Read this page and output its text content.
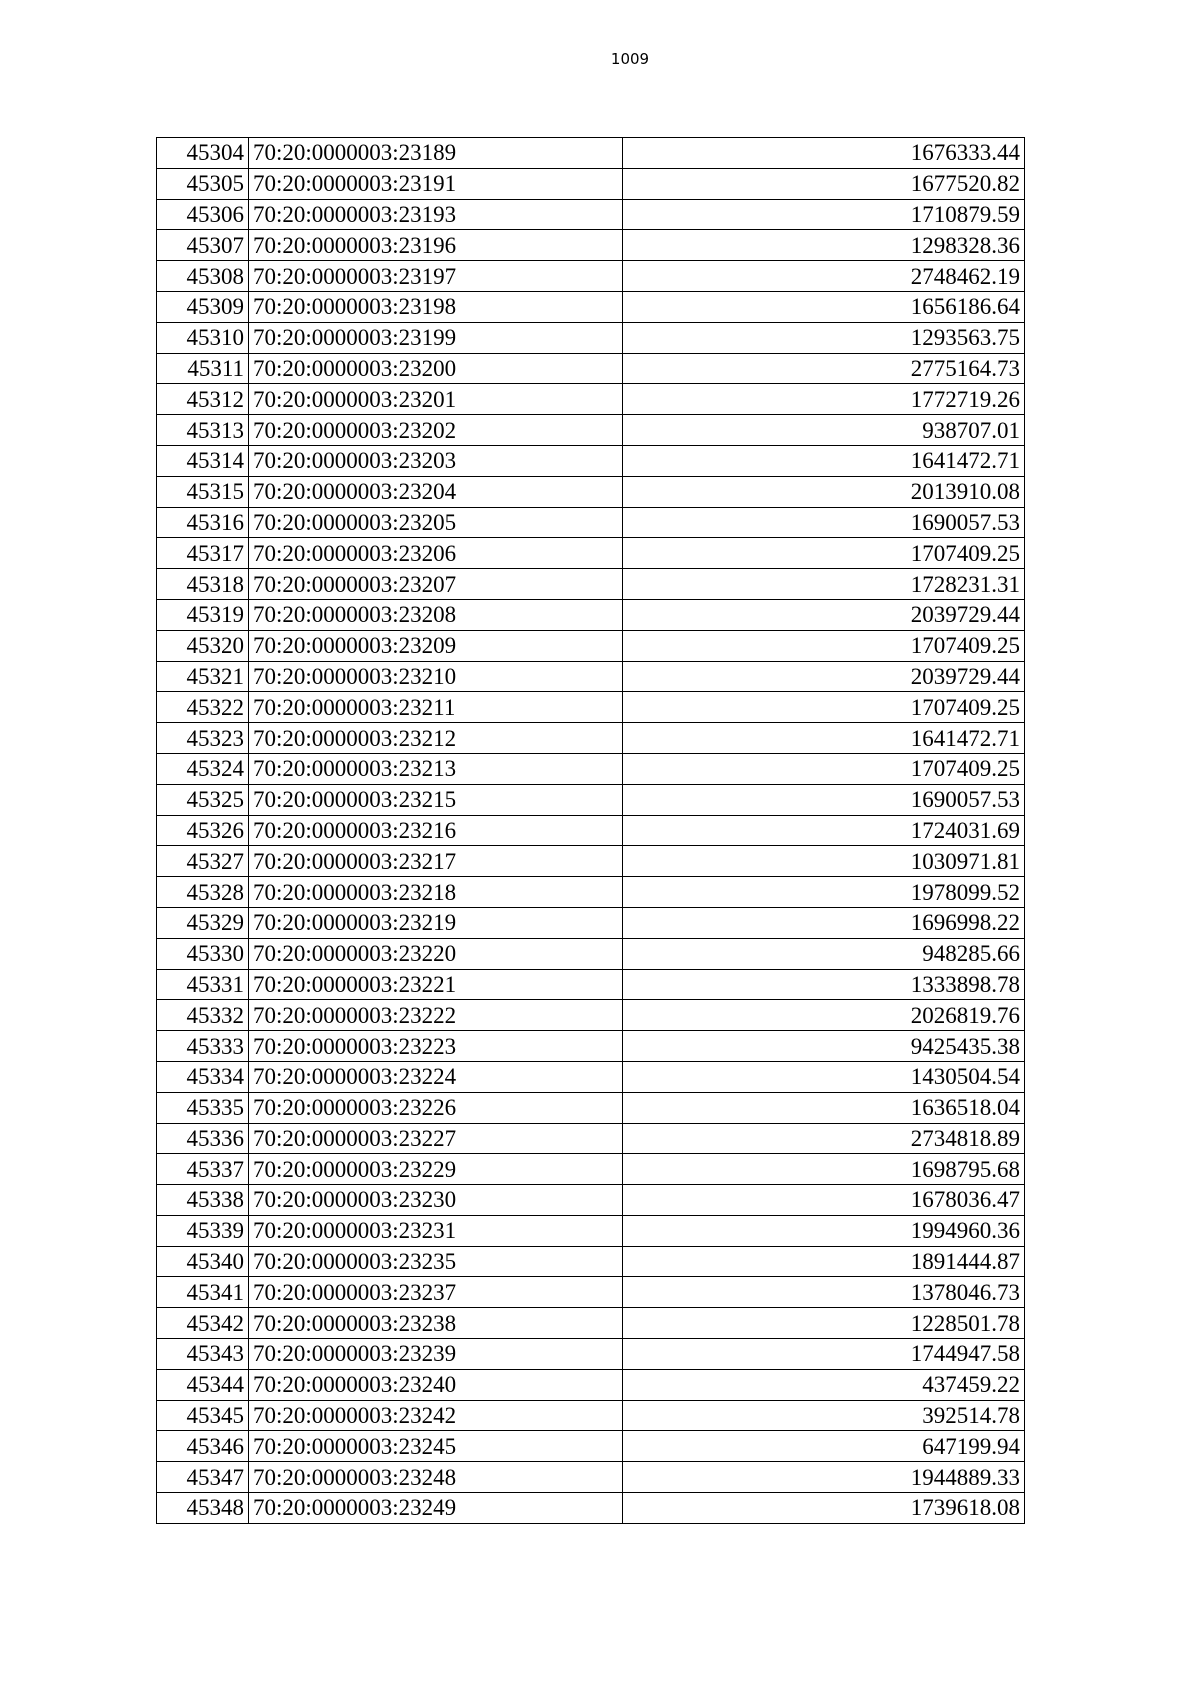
1009
45304	70:20:0000003:23189	1676333.44
45305	70:20:0000003:23191	1677520.82
45306	70:20:0000003:23193	1710879.59
45307	70:20:0000003:23196	1298328.36
45308	70:20:0000003:23197	2748462.19
45309	70:20:0000003:23198	1656186.64
45310	70:20:0000003:23199	1293563.75
45311	70:20:0000003:23200	2775164.73
45312	70:20:0000003:23201	1772719.26
45313	70:20:0000003:23202	938707.01
45314	70:20:0000003:23203	1641472.71
45315	70:20:0000003:23204	2013910.08
45316	70:20:0000003:23205	1690057.53
45317	70:20:0000003:23206	1707409.25
45318	70:20:0000003:23207	1728231.31
45319	70:20:0000003:23208	2039729.44
45320	70:20:0000003:23209	1707409.25
45321	70:20:0000003:23210	2039729.44
45322	70:20:0000003:23211	1707409.25
45323	70:20:0000003:23212	1641472.71
45324	70:20:0000003:23213	1707409.25
45325	70:20:0000003:23215	1690057.53
45326	70:20:0000003:23216	1724031.69
45327	70:20:0000003:23217	1030971.81
45328	70:20:0000003:23218	1978099.52
45329	70:20:0000003:23219	1696998.22
45330	70:20:0000003:23220	948285.66
45331	70:20:0000003:23221	1333898.78
45332	70:20:0000003:23222	2026819.76
45333	70:20:0000003:23223	9425435.38
45334	70:20:0000003:23224	1430504.54
45335	70:20:0000003:23226	1636518.04
45336	70:20:0000003:23227	2734818.89
45337	70:20:0000003:23229	1698795.68
45338	70:20:0000003:23230	1678036.47
45339	70:20:0000003:23231	1994960.36
45340	70:20:0000003:23235	1891444.87
45341	70:20:0000003:23237	1378046.73
45342	70:20:0000003:23238	1228501.78
45343	70:20:0000003:23239	1744947.58
45344	70:20:0000003:23240	437459.22
45345	70:20:0000003:23242	392514.78
45346	70:20:0000003:23245	647199.94
45347	70:20:0000003:23248	1944889.33
45348	70:20:0000003:23249	1739618.08
